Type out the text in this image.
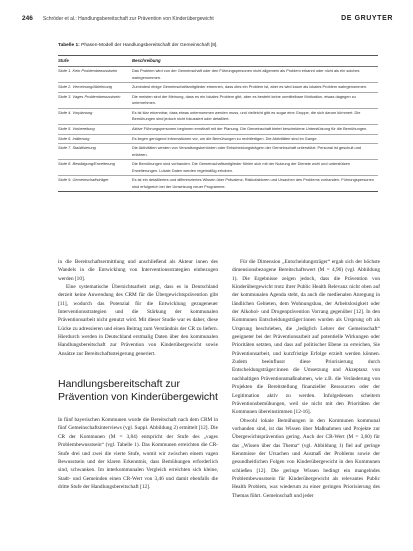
246 Schröder et al.: Handlungsbereitschaft zur Prävention von Kinderübergewicht	DE GRUYTER
Tabelle 1: Phasen-Modell der Handlungsbereitschaft der Gemeinschaft [8].
Stufe	Beschreibung
Stufe 1. Kein Problembewusstsein	Das Problem wird von der Gemeinschaft oder den Führungspersonen nicht allgemein als Problem erkannt oder nicht als ein solches wahrgenommen.
Stufe 2. Verneinung/Ablehnung	Zumindest einige Gemeinschaftsmitglieder erkennen, dass dies ein Problem ist, aber es wird kaum als lokales Problem wahrgenommen.
Stufe 3. Vages Problembewusstsein	Die meisten sind der Meinung, dass es ein lokales Problem gibt, aber es besteht keine unmittelbare Motivation, etwas dagegen zu unternehmen.
Stufe 4. Vorplanung	Es ist klar erkennbar, dass etwas unternommen werden muss, und vielleicht gibt es sogar eine Gruppe, die sich darum kümmert. Die Bemühungen sind jedoch nicht fokussiert oder detailliert.
Stufe 5. Vorbereitung	Aktive Führungspersonen beginnen ernsthaft mit der Planung. Die Gemeinschaft bietet bescheidene Unterstützung für die Bemühungen.
Stufe 6. Initiierung	Es liegen genügend Informationen vor, um die Bemühungen zu rechtfertigen. Die Aktivitäten sind im Gange.
Stufe 7. Stabilisierung	Die Aktivitäten werden von Verwaltungsbehörden oder Entscheidungsträgern der Gemeinschaft unterstützt. Personal ist geschult und erfahren.
Stufe 8. Bestätigung/Erweiterung	Die Bemühungen sind vorhanden. Die Gemeinschaftsmitglieder fühlen sich mit der Nutzung der Dienste wohl und unterstützen Erweiterungen. Lokale Daten werden regelmäßig erhoben.
Stufe 9. Gemeinschaftsträger	Es ist ein detailliertes und differenziertes Wissen über Prävalenz, Risikofaktoren und Ursachen des Problems vorhanden. Führungspersonen sind erfolgreich bei der Umsetzung neuer Programme.

in die Bereitschaftsermittlung und anschließend als Akteur innen des Wandels in die Entwicklung von Interventionsstrategien einbezogen werden [10].

Eine systematische Übersichtsarbeit zeigt, dass es in Deutschland derzeit keine Anwendung des CRM für die Übergewichtsprävention gibt [11], wodurch das Potenzial für die Entwicklung gezugeneuer Interventionsstrategien und die Stärkung der kommunalen Präventionsarbeit nicht genutzt wird. Mit dieser Studie war es daher, diese Lücke zu adressieren und einen Beitrag zum Verständnis der CR zu liefern. Hierdurch werden in Deutschland erstmalig Daten über den kommunalen Handlungsbereitschaft zur Prävention von Kinderübergewicht sowie Ansätze zur Bereitschaftssteigerung generiert.

Handlungsbereitschaft zur Prävention von Kinderübergewicht

In fünf bayerischen Kommunen wurde die Bereitschaft nach dem CRM in fünf Gemeinschaftsinterviews (vgl. Suppl. Abbildung 2) ermittelt [12]. Die CR der Kommunen (M = 3,84) entspricht der Stufe des „vages Problembewusstsein“ (vgl. Tabelle 1). Das Kommunen erreichten die CR-Stufe drei und zwei die vierte Stufe, womit wir zwischen einem vagen Bewusstsein und der klaren Erkenntnis, dass Bemühungen erforderlich sind, schwanken. Im interkommunalen Vergleich erreichten sich kleine, Stadt- und Gemeinden einen CR-Wert von 3,46 und damit ebenfalls die dritte Stufe der Handlungsbereitschaft [12].

Für die Dimension „Entscheidungsträger“ ergab sich der höchste dimensionsbezogene Bereitschaftswert (M = 4,96) (vgl. Abbildung 1). Die Ergebnisse zeigen jedoch, dass die Prävention von Kinderübergewicht trotz ihrer Public Health Relevanz nicht oben auf der kommunalen Agenda steht, da auch die medienalen Anregung in ländlichen Gebieten, dem Wohnungsbau, der Arbeitslosigkeit oder der Alkohol- und Drogenprävention Vorrang gegenüber [12]. In den Kommunen Entscheidungsträger:innen wurden als Ursprung oft als Ursprung beschrieben, die „lediglich Lehrer der Gemeinschaft“ geeigneter bei der Präventionsarbeit auf potentielle Wirkungen oder Prioritäten setzten, und dass auf politischer Ebene zu erreichen, Sie Präventionsarbeit, und kurzfristige Erfolge erzielt werden können. Zudem beeinflusst diese Priorisierung durch Entscheidungsträger:innen die Umsetzung und Akzeptanz von nachhaltigen Präventionsmaßnahmen, wie z.B. die Veränderung von Projekten die Bereitstellung finanzieller Ressourcen oder der Legitimation aktiv zu werden. Infolgedessen scheitern Präventionsbemühungen, weil sie nicht mit den Prioritäten der Kommunen übereinstimmen [12-16].

Obwohl lokale Bemühungen in den Kommunen kommunal vorhanden sind, ist das Wissen über Maßnahmen und Projekte zur Übergewichtsprävention gering. Auch der CR-Wert (M = 3,60) für das „Wissen über das Thema“ (vgl. Abbildung 1) fiel auf geringe Kenntnisse der Ursachen und Ausmaß der Problems sowie der gesundheitlichen Folgen von Kinderübergewicht in den Kommunen schließen [12]. Die geringe Wissen bedingt ein mangelndes Problembewusstsein für Kinderübergewicht als relevantes Public Health Problem, was wiederum zu einer geringen Priorisierung des Themas führt. Gemeinschaft und jeder
